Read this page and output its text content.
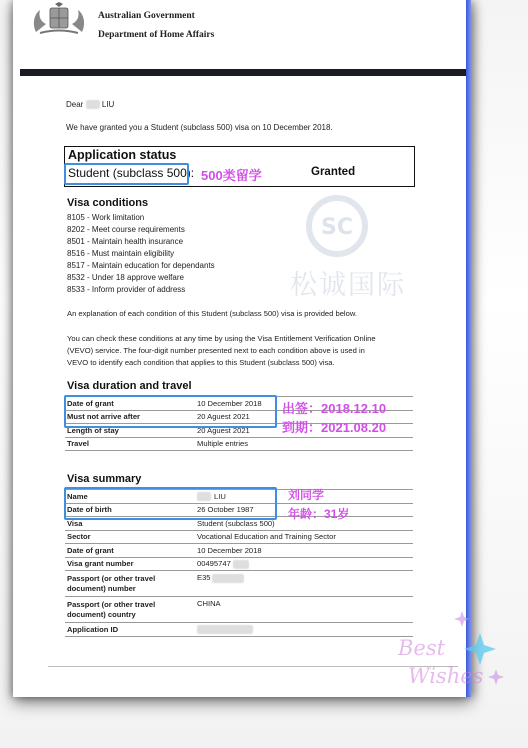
Australian Government
Department of Home Affairs
SC
松诚国际
Dear LIU
We have granted you a Student (subclass 500) visa on 10 December 2018.
Application status
Student (subclass 500): 500类留学	Granted
Visa conditions
8105 - Work limitation
8202 - Meet course requirements
8501 - Maintain health insurance
8516 - Must maintain eligibility
8517 - Maintain education for dependants
8532 - Under 18 approve welfare
8533 - Inform provider of address
An explanation of each condition of this Student (subclass 500) visa is provided below.
You can check these conditions at any time by using the Visa Entitlement Verification Online
(VEVO) service. The four-digit number presented next to each condition above is used in
VEVO to identify each condition that applies to this Student (subclass 500) visa.
Visa duration and travel
Date of grant	10 December 2018
Must not arrive after	20 Aguest 2021
Length of stay	20 Aguest 2021
Travel	Multiple entries
出签：2018.12.10
到期：2021.08.20
Visa summary
Name	LIU
Date of birth	26 October 1987
Visa	Student (subclass 500)
Sector	Vocational Education and Training Sector
Date of grant	10 December 2018
Visa grant number	00495747
Passport (or other travel document) number	E35
Passport (or other travel document) country	CHINA
Application ID	
刘同学
年龄：31岁
Best
Wishes
